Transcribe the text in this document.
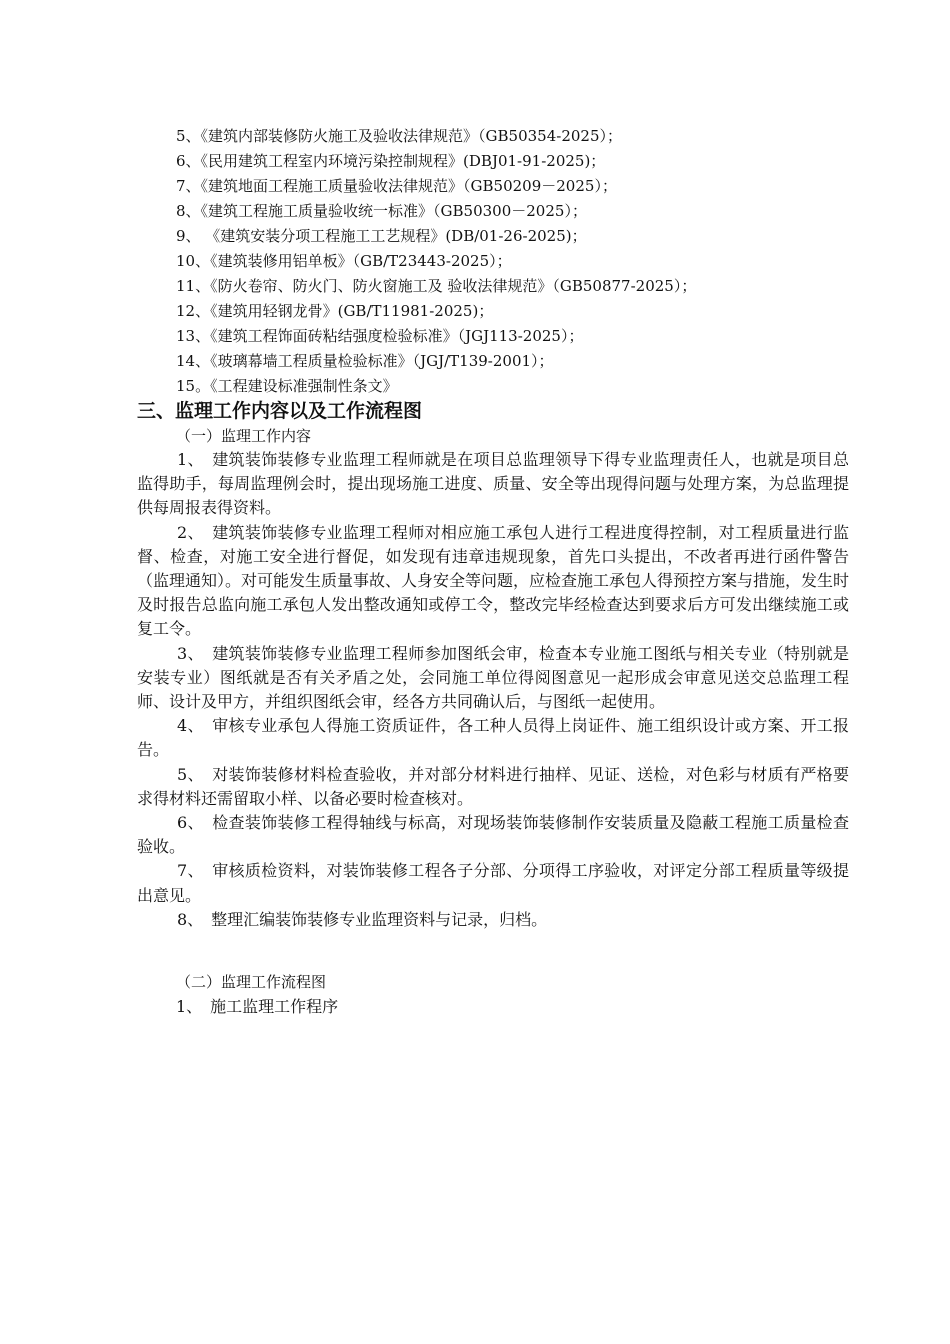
5、《建筑内部装修防火施工及验收法律规范》（GB50354-2025）；
6、《民用建筑工程室内环境污染控制规程》(DBJ01-91-2025)；
7、《建筑地面工程施工质量验收法律规范》（GB50209－2025）；
8、《建筑工程施工质量验收统一标准》（GB50300－2025）；
9、 《建筑安装分项工程施工工艺规程》(DB/01-26-2025)；
10、《建筑装修用铝单板》（GB/T23443-2025）；
11、《防火卷帘、防火门、防火窗施工及 验收法律规范》（GB50877-2025）；
12、《建筑用轻钢龙骨》(GB/T11981-2025)；
13、《建筑工程饰面砖粘结强度检验标准》（JGJ113-2025）；
14、《玻璃幕墙工程质量检验标准》（JGJ/T139-2001）；
15。《工程建设标准强制性条文》
三、监理工作内容以及工作流程图
（一）监理工作内容

1、　建筑装饰装修专业监理工程师就是在项目总监理领导下得专业监理责任人，也就是项目总监得助手，每周监理例会时，提出现场施工进度、质量、安全等出现得问题与处理方案，为总监理提供每周报表得资料。

2、　建筑装饰装修专业监理工程师对相应施工承包人进行工程进度得控制，对工程质量进行监督、检查，对施工安全进行督促，如发现有违章违规现象，首先口头提出，不改者再进行函件警告（监理通知）。对可能发生质量事故、人身安全等问题，应检查施工承包人得预控方案与措施，发生时及时报告总监向施工承包人发出整改通知或停工令，整改完毕经检查达到要求后方可发出继续施工或复工令。

3、　建筑装饰装修专业监理工程师参加图纸会审，检查本专业施工图纸与相关专业（特别就是安装专业）图纸就是否有关矛盾之处，会同施工单位得阅图意见一起形成会审意见送交总监理工程师、设计及甲方，并组织图纸会审，经各方共同确认后，与图纸一起使用。

4、　审核专业承包人得施工资质证件，各工种人员得上岗证件、施工组织设计或方案、开工报告。

5、　对装饰装修材料检查验收，并对部分材料进行抽样、见证、送检，对色彩与材质有严格要求得材料还需留取小样、以备必要时检查核对。

6、　检查装饰装修工程得轴线与标高，对现场装饰装修制作安装质量及隐蔽工程施工质量检查验收。

7、　审核质检资料，对装饰装修工程各子分部、分项得工序验收，对评定分部工程质量等级提出意见。

8、　整理汇编装饰装修专业监理资料与记录，归档。

（二）监理工作流程图
1、　施工监理工作程序
